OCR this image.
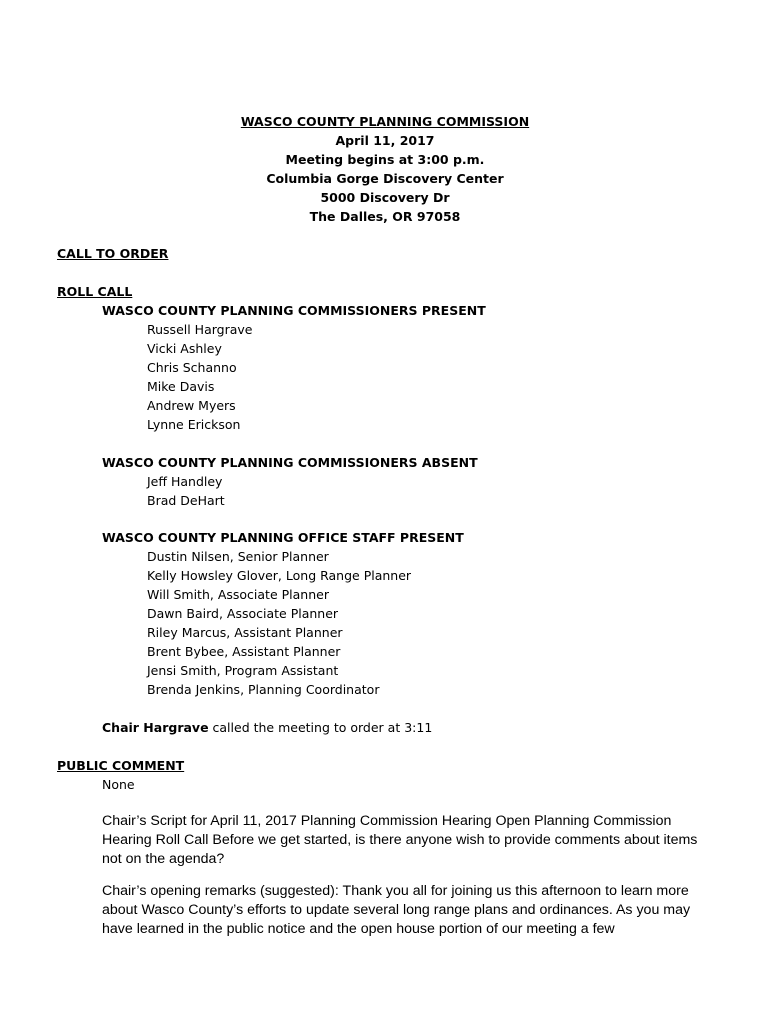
WASCO COUNTY PLANNING COMMISSION
April 11, 2017
Meeting begins at 3:00 p.m.
Columbia Gorge Discovery Center
5000 Discovery Dr
The Dalles, OR 97058
CALL TO ORDER
ROLL CALL
WASCO COUNTY PLANNING COMMISSIONERS PRESENT
Russell Hargrave
Vicki Ashley
Chris Schanno
Mike Davis
Andrew Myers
Lynne Erickson
WASCO COUNTY PLANNING COMMISSIONERS ABSENT
Jeff Handley
Brad DeHart
WASCO COUNTY PLANNING OFFICE STAFF PRESENT
Dustin Nilsen, Senior Planner
Kelly Howsley Glover, Long Range Planner
Will Smith, Associate Planner
Dawn Baird, Associate Planner
Riley Marcus, Assistant Planner
Brent Bybee, Assistant Planner
Jensi Smith, Program Assistant
Brenda Jenkins, Planning Coordinator
Chair Hargrave called the meeting to order at 3:11
PUBLIC COMMENT
None
Chair’s Script for April 11, 2017 Planning Commission Hearing Open Planning Commission Hearing Roll Call Before we get started, is there anyone wish to provide comments about items not on the agenda?
Chair’s opening remarks (suggested): Thank you all for joining us this afternoon to learn more about Wasco County’s efforts to update several long range plans and ordinances. As you may have learned in the public notice and the open house portion of our meeting a few
